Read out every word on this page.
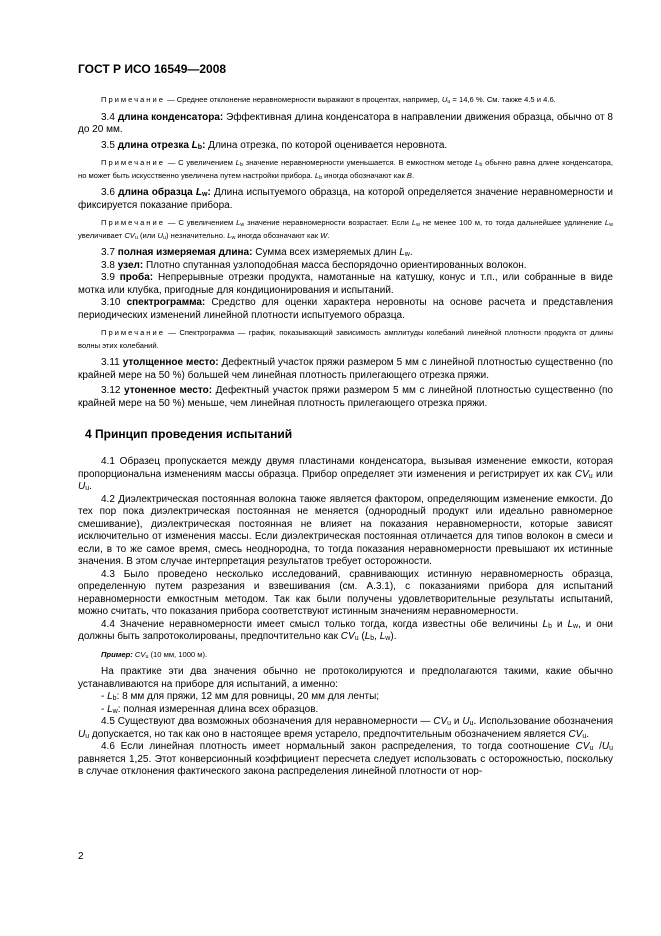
ГОСТ Р ИСО 16549—2008

Примечание — Среднее отклонение неравномерности выражают в процентах, например, $U_u = 14,6$ %. См. также 4.5 и 4.6.

3.4 длина конденсатора: Эффективная длина конденсатора в направлении движения образца, обычно от 8 до 20 мм.

3.5 длина отрезка $L_b$: Длина отрезка, по которой оценивается неровнота.

Примечание — С увеличением $L_b$ значение неравномерности уменьшается. В емкостном методе $L_b$ обычно равна длине конденсатора, но может быть искусственно увеличена путем настройки прибора. $L_b$ иногда обозначают как B.

3.6 длина образца $L_w$: Длина испытуемого образца, на которой определяется значение неравномерности и фиксируется показание прибора.

Примечание — С увеличением $L_w$ значение неравномерности возрастает. Если $L_w$ не менее 100 м, то тогда дальнейшее удлинение $L_w$ увеличивает $CV_u$ (или $U_u$) незначительно. $L_w$ иногда обозначают как W.

3.7 полная измеряемая длина: Сумма всех измеряемых длин $L_w$.

3.8 узел: Плотно спутанная узлоподобная масса беспорядочно ориентированных волокон.

3.9 проба: Непрерывные отрезки продукта, намотанные на катушку, конус и т.п., или собранные в виде мотка или клубка, пригодные для кондиционирования и испытаний.

3.10 спектрограмма: Средство для оценки характера неровноты на основе расчета и представления периодических изменений линейной плотности испытуемого образца.

Примечание — Спектрограмма — график, показывающий зависимость амплитуды колебаний линейной плотности продукта от длины волны этих колебаний.

3.11 утолщенное место: Дефектный участок пряжи размером 5 мм с линейной плотностью существенно (по крайней мере на 50 %) большей чем линейная плотность прилегающего отрезка пряжи.

3.12 утоненное место: Дефектный участок пряжи размером 5 мм с линейной плотностью существенно (по крайней мере на 50 %) меньше, чем линейная плотность прилегающего отрезка пряжи.

4 Принцип проведения испытаний

4.1 Образец пропускается между двумя пластинами конденсатора, вызывая изменение емкости, которая пропорциональна изменениям массы образца. Прибор определяет эти изменения и регистрирует их как $CV_u$ или $U_u$.

4.2 Диэлектрическая постоянная волокна также является фактором, определяющим изменение емкости. До тех пор пока диэлектрическая постоянная не меняется (однородный продукт или идеально равномерное смешивание), диэлектрическая постоянная не влияет на показания неравномерности, которые зависят исключительно от изменения массы. Если диэлектрическая постоянная отличается для типов волокон в смеси и если, в то же самое время, смесь неоднородна, то тогда показания неравномерности превышают их истинные значения. В этом случае интерпретация результатов требует осторожности.

4.3 Было проведено несколько исследований, сравнивающих истинную неравномерность образца, определенную путем разрезания и взвешивания (см. А.3.1), с показаниями прибора для испытаний неравномерности емкостным методом. Так как были получены удовлетворительные результаты испытаний, можно считать, что показания прибора соответствуют истинным значениям неравномерности.

4.4 Значение неравномерности имеет смысл только тогда, когда известны обе величины $L_b$ и $L_w$, и они должны быть запротоколированы, предпочтительно как $CV_u$ ($L_b$, $L_w$).

Пример: $CV_u$ (10 мм, 1000 м).

На практике эти два значения обычно не протоколируются и предполагаются такими, какие обычно устанавливаются на приборе для испытаний, а именно:

- $L_b$: 8 мм для пряжи, 12 мм для ровницы, 20 мм для ленты;

- $L_w$: полная измеренная длина всех образцов.

4.5 Существуют два возможных обозначения для неравномерности — $CV_u$ и $U_u$. Использование обозначения $U_u$ допускается, но так как оно в настоящее время устарело, предпочтительным обозначением является $CV_u$.

4.6 Если линейная плотность имеет нормальный закон распределения, то тогда соотношение $CV_u$ $/U_u$ равняется 1,25. Этот конверсионный коэффициент пересчета следует использовать с осторожностью, поскольку в случае отклонения фактического закона распределения линейной плотности от нор-

2
